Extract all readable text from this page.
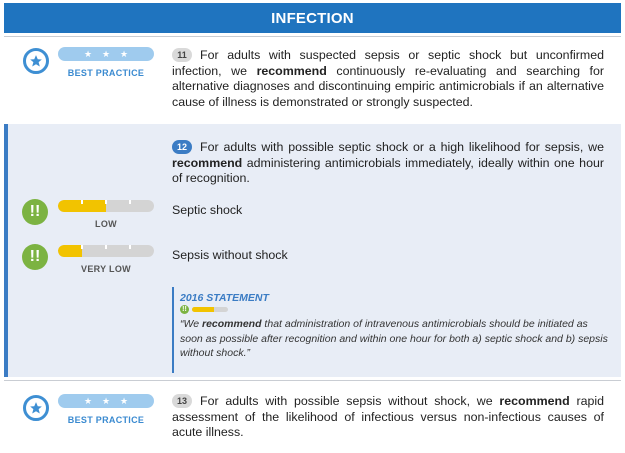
INFECTION
★ ★ ★
BEST PRACTICE
11 For adults with suspected sepsis or septic shock but unconfirmed infection, we recommend continuously re-evaluating and searching for alternative diagnoses and discontinuing empiric antimicrobials if an alternative cause of illness is demonstrated or strongly suspected.
12 For adults with possible septic shock or a high likelihood for sepsis, we recommend administering antimicrobials immediately, ideally within one hour of recognition.
!!
LOW
Septic shock
!!
VERY LOW
Sepsis without shock
2016 STATEMENT
!!
“We recommend that administration of intravenous antimicrobials should be initiated as soon as possible after recognition and within one hour for both a) septic shock and b) sepsis without shock.”
★ ★ ★
BEST PRACTICE
13 For adults with possible sepsis without shock, we recommend rapid assessment of the likelihood of infectious versus non-infectious causes of acute illness.
